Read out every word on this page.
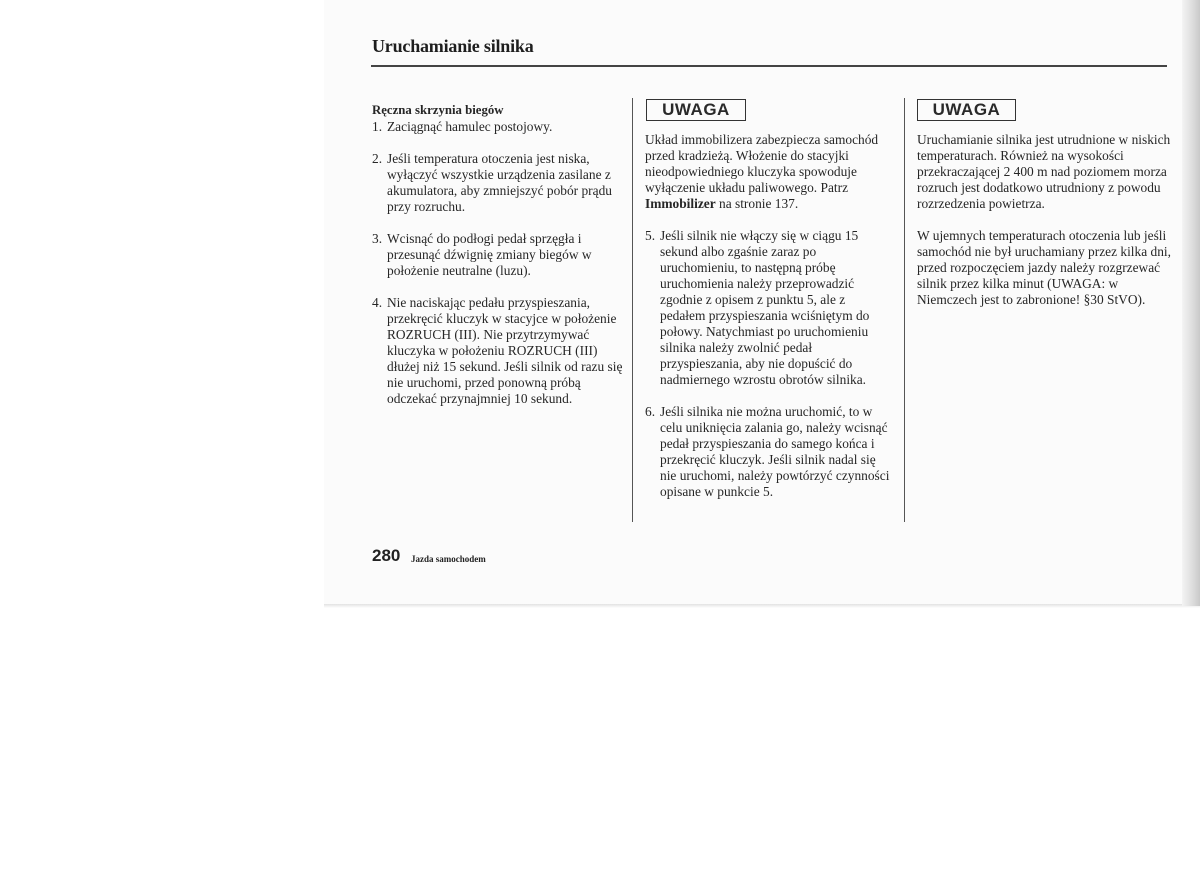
Uruchamianie silnika
Ręczna skrzynia biegów
1. Zaciągnąć hamulec postojowy.
2. Jeśli temperatura otoczenia jest niska, wyłączyć wszystkie urządzenia zasilane z akumulatora, aby zmniejszyć pobór prądu przy rozruchu.
3. Wcisnąć do podłogi pedał sprzęgła i przesunąć dźwignię zmiany biegów w położenie neutralne (luzu).
4. Nie naciskając pedału przyspieszania, przekręcić kluczyk w stacyjce w położenie ROZRUCH (III). Nie przytrzymywać kluczyka w położeniu ROZRUCH (III) dłużej niż 15 sekund. Jeśli silnik od razu się nie uruchomi, przed ponowną próbą odczekać przynajmniej 10 sekund.
UWAGA

Układ immobilizera zabezpiecza samochód przed kradzieżą. Włożenie do stacyjki nieodpowiedniego kluczyka spowoduje wyłączenie układu paliwowego. Patrz Immobilizer na stronie 137.

5. Jeśli silnik nie włączy się w ciągu 15 sekund albo zgaśnie zaraz po uruchomieniu, to następną próbę uruchomienia należy przeprowadzić zgodnie z opisem z punktu 5, ale z pedałem przyspieszania wciśniętym do połowy. Natychmiast po uruchomieniu silnika należy zwolnić pedał przyspieszania, aby nie dopuścić do nadmiernego wzrostu obrotów silnika.
6. Jeśli silnika nie można uruchomić, to w celu uniknięcia zalania go, należy wcisnąć pedał przyspieszania do samego końca i przekręcić kluczyk. Jeśli silnik nadal się nie uruchomi, należy powtórzyć czynności opisane w punkcie 5.
UWAGA

Uruchamianie silnika jest utrudnione w niskich temperaturach. Również na wysokości przekraczającej 2 400 m nad poziomem morza rozruch jest dodatkowo utrudniony z powodu rozrzedzenia powietrza.

W ujemnych temperaturach otoczenia lub jeśli samochód nie był uruchamiany przez kilka dni, przed rozpoczęciem jazdy należy rozgrzewać silnik przez kilka minut (UWAGA: w Niemczech jest to zabronione! §30 StVO).

280 Jazda samochodem
